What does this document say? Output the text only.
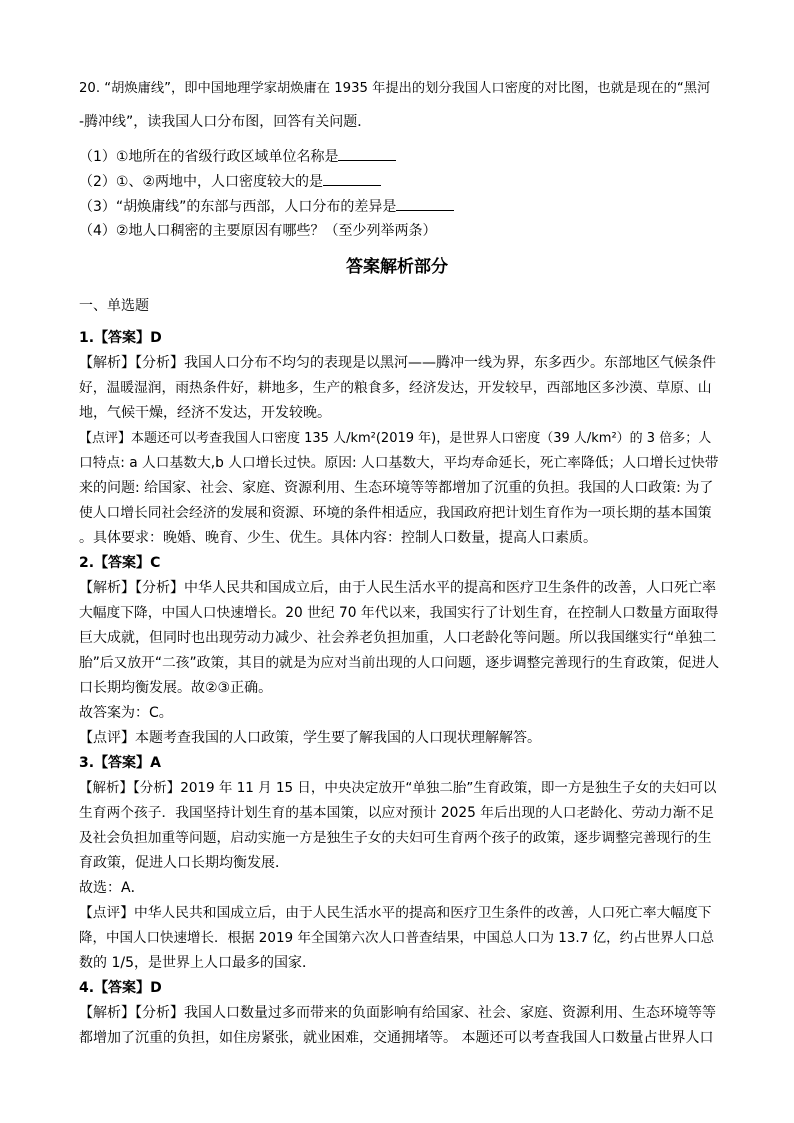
20. “胡焕庸线”，即中国地理学家胡焕庸在 1935 年提出的划分我国人口密度的对比图，也就是现在的“黑河

-腾冲线”，读我国人口分布图，回答有关问题．

（1）①地所在的省级行政区域单位名称是

（2）①、②两地中，人口密度较大的是

（3）“胡焕庸线”的东部与西部，人口分布的差异是

（4）②地人口稠密的主要原因有哪些？（至少列举两条）

答案解析部分

一、单选题

1.【答案】D

【解析】【分析】我国人口分布不均匀的表现是以黑河——腾冲一线为界，东多西少。东部地区气候条件

好，温暖湿润，雨热条件好，耕地多，生产的粮食多，经济发达，开发较早，西部地区多沙漠、草原、山

地，气候干燥，经济不发达，开发较晚。

【点评】本题还可以考查我国人口密度 135 人/km²(2019 年)，是世界人口密度（39 人/km²）的 3 倍多；人

口特点: a 人口基数大,b 人口增长过快。原因: 人口基数大，平均寿命延长，死亡率降低；人口增长过快带

来的问题: 给国家、社会、家庭、资源利用、生态环境等等都增加了沉重的负担。我国的人口政策: 为了

使人口增长同社会经济的发展和资源、环境的条件相适应，我国政府把计划生育作为一项长期的基本国策

。具体要求：晚婚、晚育、少生、优生。具体内容：控制人口数量，提高人口素质。

2.【答案】C

【解析】【分析】中华人民共和国成立后，由于人民生活水平的提高和医疗卫生条件的改善，人口死亡率

大幅度下降，中国人口快速增长。20 世纪 70 年代以来，我国实行了计划生育，在控制人口数量方面取得

巨大成就，但同时也出现劳动力减少、社会养老负担加重，人口老龄化等问题。所以我国继实行“单独二

胎”后又放开“二孩”政策，其目的就是为应对当前出现的人口问题，逐步调整完善现行的生育政策，促进人

口长期均衡发展。故②③正确。

故答案为：C。

【点评】本题考查我国的人口政策，学生要了解我国的人口现状理解解答。

3.【答案】A

【解析】【分析】2019 年 11 月 15 日，中央决定放开“单独二胎”生育政策，即一方是独生子女的夫妇可以

生育两个孩子．我国坚持计划生育的基本国策，以应对预计 2025 年后出现的人口老龄化、劳动力渐不足

及社会负担加重等问题，启动实施一方是独生子女的夫妇可生育两个孩子的政策，逐步调整完善现行的生

育政策，促进人口长期均衡发展．

故选：A．

【点评】中华人民共和国成立后，由于人民生活水平的提高和医疗卫生条件的改善，人口死亡率大幅度下

降，中国人口快速增长．根据 2019 年全国第六次人口普查结果，中国总人口为 13.7 亿，约占世界人口总

数的 1/5，是世界上人口最多的国家．

4.【答案】D

【解析】【分析】我国人口数量过多而带来的负面影响有给国家、社会、家庭、资源利用、生态环境等等

都增加了沉重的负担，如住房紧张，就业困难，交通拥堵等。 本题还可以考查我国人口数量占世界人口
